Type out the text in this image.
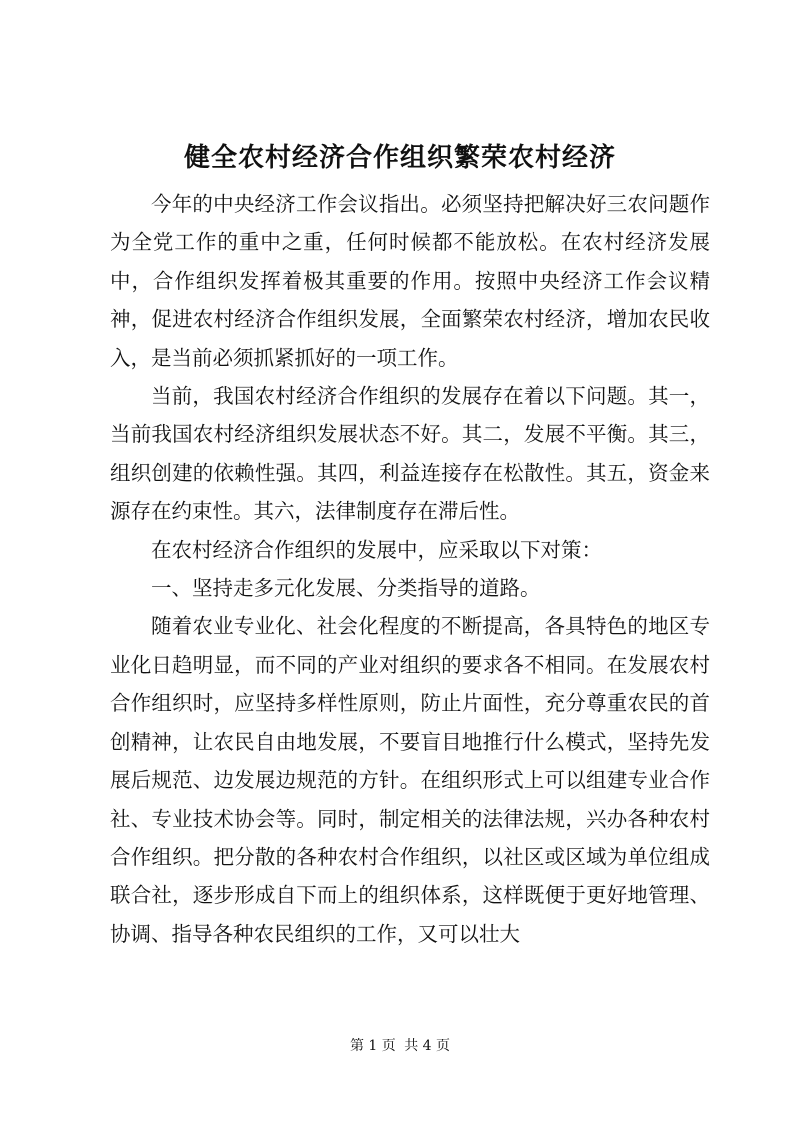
健全农村经济合作组织繁荣农村经济

今年的中央经济工作会议指出。必须坚持把解决好三农问题作为全党工作的重中之重，任何时候都不能放松。在农村经济发展中，合作组织发挥着极其重要的作用。按照中央经济工作会议精神，促进农村经济合作组织发展，全面繁荣农村经济，增加农民收入，是当前必须抓紧抓好的一项工作。

当前，我国农村经济合作组织的发展存在着以下问题。其一，当前我国农村经济组织发展状态不好。其二，发展不平衡。其三，组织创建的依赖性强。其四，利益连接存在松散性。其五，资金来源存在约束性。其六，法律制度存在滞后性。

在农村经济合作组织的发展中，应采取以下对策：

一、坚持走多元化发展、分类指导的道路。

随着农业专业化、社会化程度的不断提高，各具特色的地区专业化日趋明显，而不同的产业对组织的要求各不相同。在发展农村合作组织时，应坚持多样性原则，防止片面性，充分尊重农民的首创精神，让农民自由地发展，不要盲目地推行什么模式，坚持先发展后规范、边发展边规范的方针。在组织形式上可以组建专业合作社、专业技术协会等。同时，制定相关的法律法规，兴办各种农村合作组织。把分散的各种农村合作组织，以社区或区域为单位组成联合社，逐步形成自下而上的组织体系，这样既便于更好地管理、协调、指导各种农民组织的工作，又可以壮大

第 1 页 共 4 页
